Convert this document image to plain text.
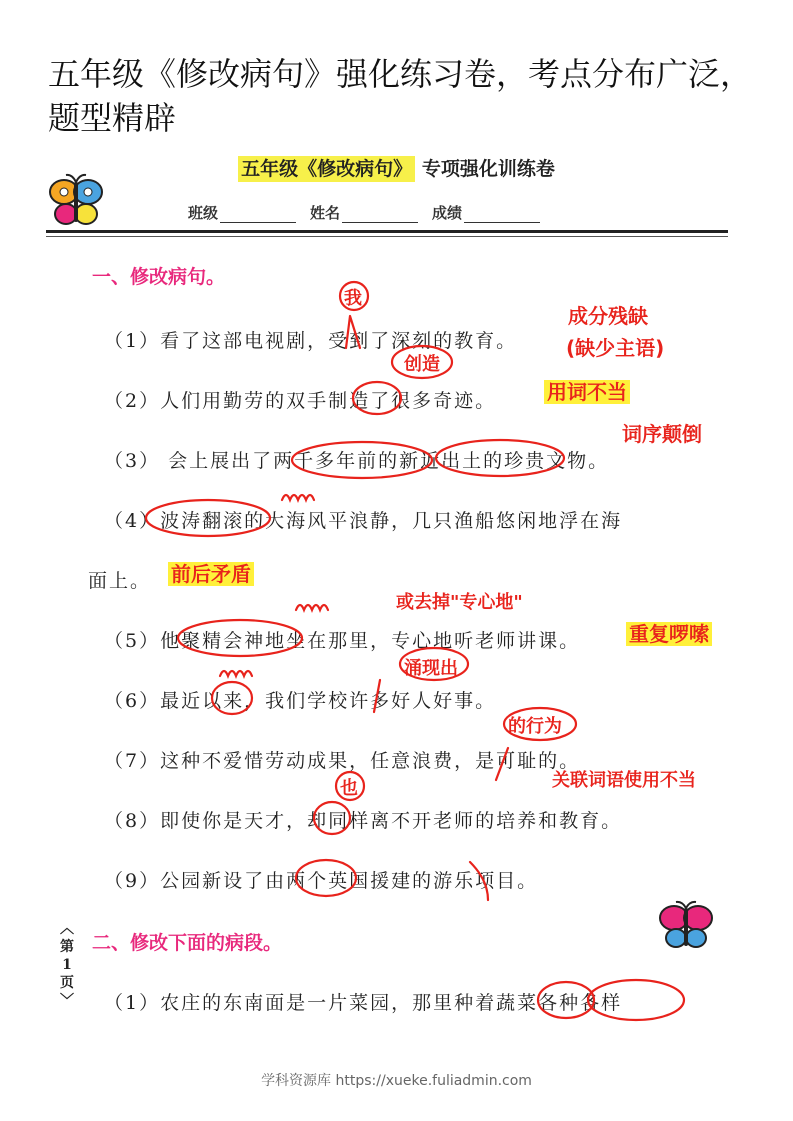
五年级《修改病句》强化练习卷，考点分布广泛，题型精辟
五年级《修改病句》 专项强化训练卷
班级	姓名	成绩
一、修改病句。
（1）看了这部电视剧，受到了深刻的教育。
（2）人们用勤劳的双手制造了很多奇迹。
（3） 会上展出了两千多年前的新近出土的珍贵文物。
（4）波涛翻滚的大海风平浪静，几只渔船悠闲地浮在海
面上。
（5）他聚精会神地坐在那里，专心地听老师讲课。
（6）最近以来，我们学校许多好人好事。
（7）这种不爱惜劳动成果，任意浪费，是可耻的。
（8）即使你是天才，却同样离不开老师的培养和教育。
（9）公园新设了由两个英国援建的游乐项目。
二、修改下面的病段。
（1）农庄的东南面是一片菜园，那里种着蔬菜各种各样
我
成分残缺
(缺少主语)
创造
用词不当
词序颠倒
前后矛盾
或去掉"专心地"
重复啰嗦
涌现出
的行为
关联词语使用不当
也
︿
第
1
页
﹀
学科资源库 https://xueke.fuliadmin.com
